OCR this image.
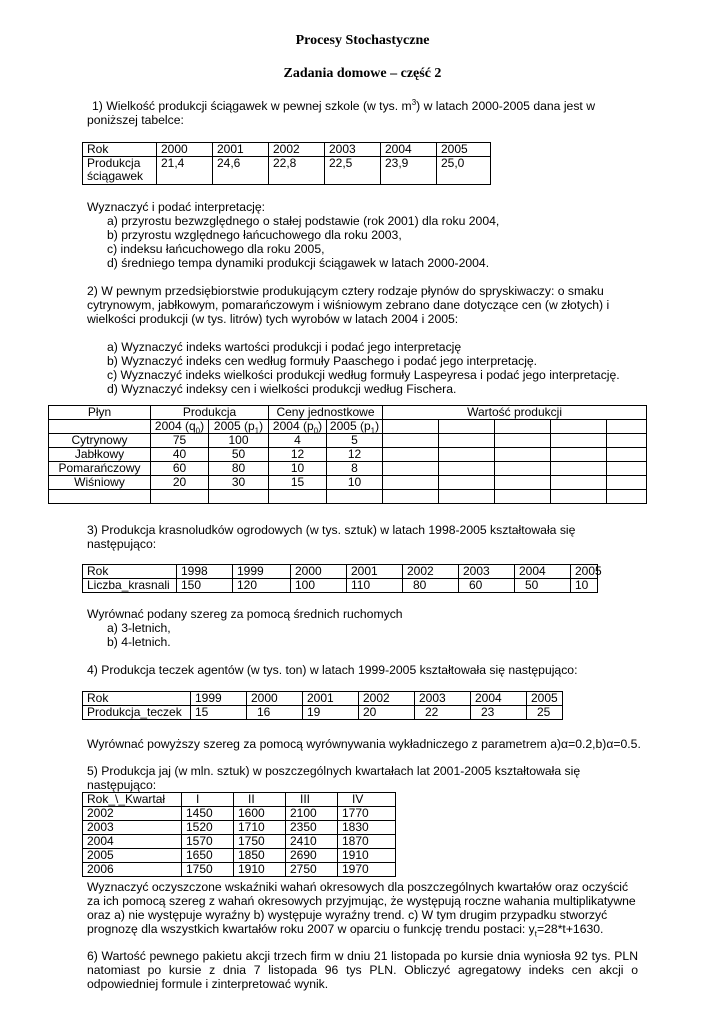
Procesy Stochastyczne
Zadania domowe – część 2
1) Wielkość produkcji ściągawek w pewnej szkole (w tys. $m^3$) w latach 2000-2005 dana jest w
poniższej tabelce:
Rok	2000	2001	2002	2003	2004	2005

Produkcja
ściągawek	21,4	24,6	22,8	22,5	23,9	25,0
Wyznaczyć i podać interpretację:
a) przyrostu bezwzględnego o stałej podstawie (rok 2001) dla roku 2004,
b) przyrostu względnego łańcuchowego dla roku 2003,
c) indeksu łańcuchowego dla roku 2005,
d) średniego tempa dynamiki produkcji ściągawek w latach 2000-2004.
2) W pewnym przedsiębiorstwie produkującym cztery rodzaje płynów do spryskiwaczy: o smaku
cytrynowym, jabłkowym, pomarańczowym i wiśniowym zebrano dane dotyczące cen (w złotych) i
wielkości produkcji (w tys. litrów) tych wyrobów w latach 2004 i 2005:
a) Wyznaczyć indeks wartości produkcji i podać jego interpretację
b) Wyznaczyć indeks cen według formuły Paaschego i podać jego interpretację.
c) Wyznaczyć indeks wielkości produkcji według formuły Laspeyresa i podać jego interpretację.
d) Wyznaczyć indeksy cen i wielkości produkcji według Fischera.
Płyn	Produkcja		Ceny jednostkowe		Wartość produkcji				
	2004 $(q_0)$	2005 $(p_1)$	2004 $(p_0)$	2005 $(p_1)$					
Cytrynowy	75	100	4	5					
Jabłkowy	40	50	12	12					
Pomarańczowy	60	80	10	8					
Wiśniowy	20	30	15	10					

3) Produkcja krasnoludków ogrodowych (w tys. sztuk) w latach 1998-2005 kształtowała się
następująco:
Rok	1998	1999	2000	2001	2002	2003	2004	2005
Liczba_krasnali	150	120	100	110	80	60	50	10
Wyrównać podany szereg za pomocą średnich ruchomych
a) 3-letnich,
b) 4-letnich.
4) Produkcja teczek agentów (w tys. ton) w latach 1999-2005 kształtowała się następująco:
Rok	1999	2000	2001	2002	2003	2004	2005
Produkcja_teczek	15	16	19	20	22	23	25
Wyrównać powyższy szereg za pomocą wyrównywania wykładniczego z parametrem a)α=0.2,b)α=0.5.
5) Produkcja jaj (w mln. sztuk) w poszczególnych kwartałach lat 2001-2005 kształtowała się
następująco:
Rok_\_Kwartał	I	II	III	IV
2002	1450	1600	2100	1770
2003	1520	1710	2350	1830
2004	1570	1750	2410	1870
2005	1650	1850	2690	1910
2006	1750	1910	2750	1970
Wyznaczyć oczyszczone wskaźniki wahań okresowych dla poszczególnych kwartałów oraz oczyścić
za ich pomocą szereg z wahań okresowych przyjmując, że występują roczne wahania multiplikatywne
oraz a) nie występuje wyraźny b) występuje wyraźny trend. c) W tym drugim przypadku stworzyć
prognozę dla wszystkich kwartałów roku 2007 w oparciu o funkcję trendu postaci: $y_t=28*t+1630$.
6) Wartość pewnego pakietu akcji trzech firm w dniu 21 listopada po kursie dnia wyniosła 92 tys. PLN
natomiast po kursie z dnia 7 listopada 96 tys PLN. Obliczyć agregatowy indeks cen akcji o
odpowiedniej formule i zinterpretować wynik.
